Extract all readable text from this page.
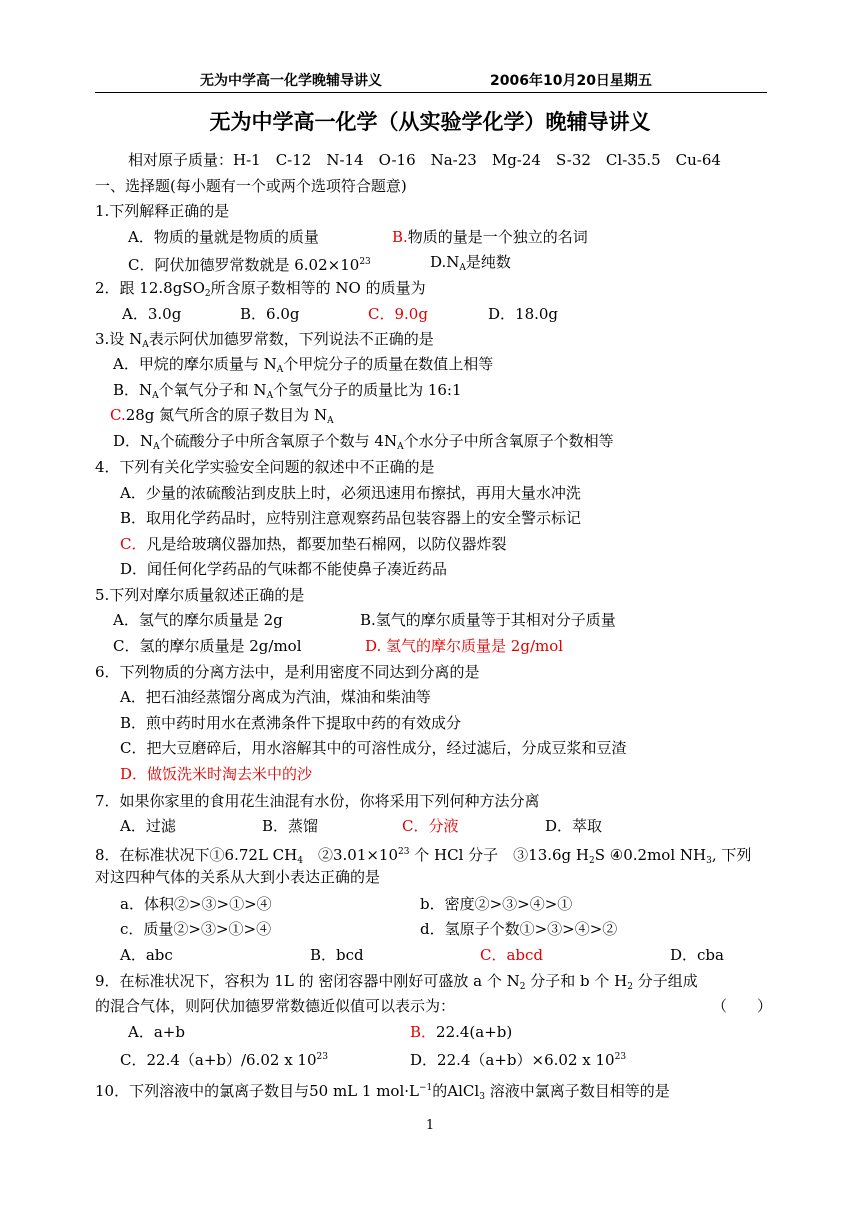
无为中学高一化学晚辅导讲义	2006年10月20日星期五
无为中学高一化学（从实验学化学）晚辅导讲义
相对原子质量：H-1　C-12　N-14　O-16　Na-23　Mg-24　S-32　Cl-35.5　Cu-64
一、选择题(每小题有一个或两个选项符合题意)
1.下列解释正确的是
A．物质的量就是物质的质量	B.物质的量是一个独立的名词
C．阿伏加德罗常数就是 $6.02\times 10^{23}$	$D.N_A$是纯数
2．跟 12.8gSO$_2$所含原子数相等的 NO 的质量为
A．3.0g	B．6.0g	C．9.0g	D．18.0g
3.设 $N_A$表示阿伏加德罗常数，下列说法不正确的是
A．甲烷的摩尔质量与 $N_A$个甲烷分子的质量在数值上相等
B．$N_A$个氧气分子和 $N_A$个氢气分子的质量比为 16:1
C.28g 氮气所含的原子数目为 $N_A$
D．$N_A$个硫酸分子中所含氧原子个数与 $4N_A$个水分子中所含氧原子个数相等
4．下列有关化学实验安全问题的叙述中不正确的是
A．少量的浓硫酸沾到皮肤上时，必须迅速用布擦拭，再用大量水冲洗
B．取用化学药品时，应特别注意观察药品包装容器上的安全警示标记
C．凡是给玻璃仪器加热，都要加垫石棉网，以防仪器炸裂
D．闻任何化学药品的气味都不能使鼻子凑近药品
5.下列对摩尔质量叙述正确的是
A．氢气的摩尔质量是 2g	B.氢气的摩尔质量等于其相对分子质量
C．氢的摩尔质量是 2g/mol	D. 氢气的摩尔质量是 2g/mol
6．下列物质的分离方法中，是利用密度不同达到分离的是
A．把石油经蒸馏分离成为汽油，煤油和柴油等
B．煎中药时用水在煮沸条件下提取中药的有效成分
C．把大豆磨碎后，用水溶解其中的可溶性成分，经过滤后，分成豆浆和豆渣
D．做饭洗米时淘去米中的沙
7．如果你家里的食用花生油混有水份，你将采用下列何种方法分离
A．过滤	B．蒸馏	C．分液	D．萃取
8．在标准状况下①6.72L $CH_4$　$②3.01\times 10^{23}$ 个 HCl 分子　③13.6g $H_2S$ ④0.2mol $NH_3$, 下列
对这四种气体的关系从大到小表达正确的是
a．体积②>③>①>④	b．密度②>③>④>①
c．质量②>③>①>④	d．氢原子个数①>③>④>②
A．abc	B．bcd	C．abcd	D．cba
9．在标准状况下，容积为 1L 的 密闭容器中刚好可盛放 a 个 $N_2$ 分子和 b 个 $H_2$ 分子组成
的混合气体，则阿伏加德罗常数德近似值可以表示为：	（　　）
A．a+b	B．22.4(a+b)
C．22.4（a+b）/6.02 x $10^{23}$	D．22.4（a+b）×6.02 x $10^{23}$
10．下列溶液中的氯离子数目与50 mL 1 $mol\cdot L^{-1}$的AlCl$_3$ 溶液中氯离子数目相等的是
1
